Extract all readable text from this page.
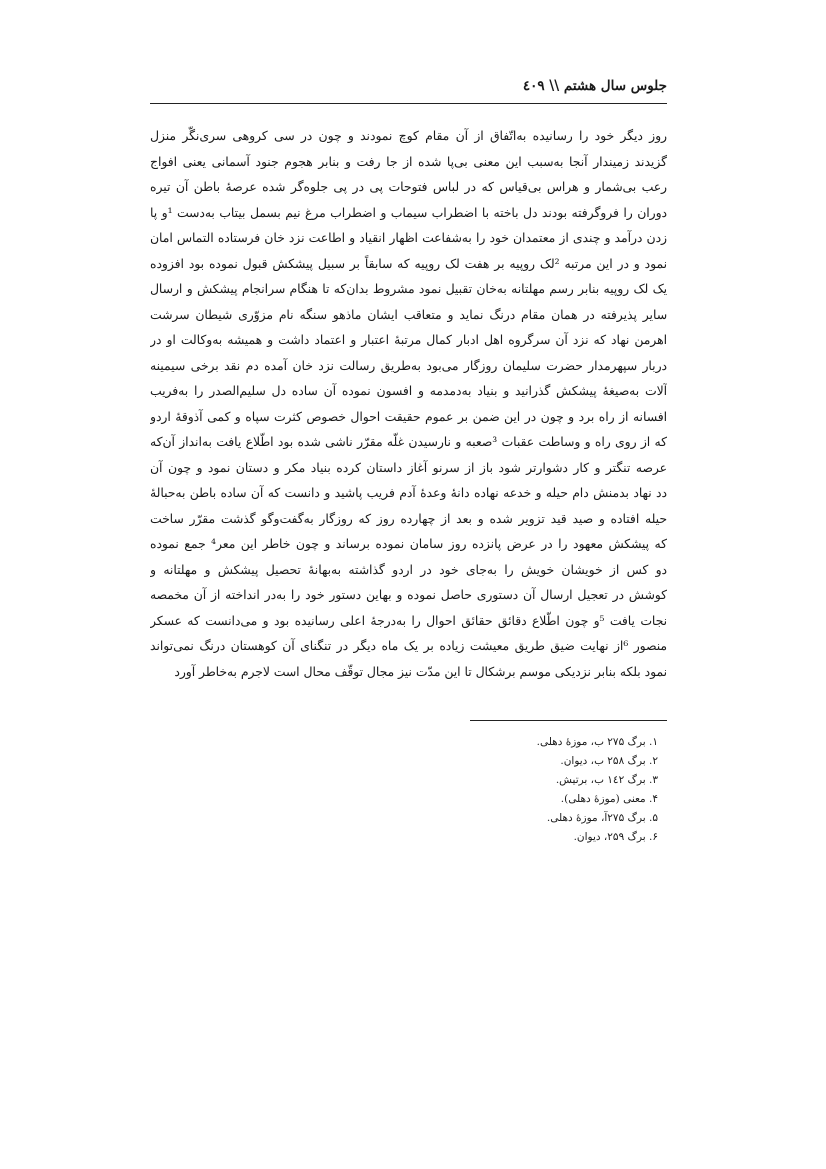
جلوس سال هشتم \\ ٤٠٩
روز دیگر خود را رسانیده به‌اتّفاق از آن مقام کوچ نمودند و چون در سی کروهی سری‌نگّر منزل
گزیدند زمیندار آنجا به‌سبب این معنی بی‌پا شده از جا رفت و بنابر هجوم جنود آسمانی یعنی افواج
رعب بی‌شمار و هراس بی‌قیاس که در لباس فتوحات پی در پی جلوه‌گر شده عرصهٔ باطن آن تیره
دوران را فروگرفته بودند دل باخته با اضطراب سیماب و اضطراب مرغ نیم بسمل بیتاب به‌دست ¹و پا
زدن درآمد و چندی از معتمدان خود را به‌شفاعت اظهار انقیاد و اطاعت نزد خان فرستاده التماس امان
نمود و در این مرتبه ²لک روپیه بر هفت لک روپیه که سابقاً بر سبیل پیشکش قبول نموده بود افزوده
یک لک روپیه بنابر رسم مهلتانه به‌خان تقبیل نمود مشروط بدان‌که تا هنگام سرانجام پیشکش و ارسال
سایر پذیرفته در همان مقام درنگ نماید و متعاقب ایشان ماذهو سنگه نام مزوّری شیطان سرشت
اهرمن نهاد که نزد آن سرگروه اهل ادبار کمال مرتبهٔ اعتبار و اعتماد داشت و همیشه به‌وکالت او در
دربار سپهرمدار حضرت سلیمان روزگار می‌بود به‌طریق رسالت نزد خان آمده دم نقد برخی سیمینه
آلات به‌صیغهٔ پیشکش گذرانید و بنیاد به‌دمدمه و افسون نموده آن ساده دل سلیم‌الصدر را به‌فریب
افسانه از راه برد و چون در این ضمن بر عموم حقیقت احوال خصوص کثرت سپاه و کمی آذوقهٔ اردو
که از روی راه و وساطت عقبات ³صعبه و نارسیدن غلّه مقرّر ناشی شده بود اطّلاع یافت به‌انداز آن‌که
عرصه تنگتر و کار دشوارتر شود باز از سرنو آغاز داستان کرده بنیاد مکر و دستان نمود و چون آن
دد نهاد بدمنش دام حیله و خدعه نهاده دانهٔ وعدهٔ آدم فریب پاشید و دانست که آن ساده باطن به‌حبالهٔ
حیله افتاده و صید قید تزویر شده و بعد از چهارده روز که روزگار به‌گفت‌وگو گذشت مقرّر ساخت
که پیشکش معهود را در عرض پانزده روز سامان نموده برساند و چون خاطر این معر⁴ جمع نموده
دو کس از خویشان خویش را به‌جای خود در اردو گذاشته به‌بهانهٔ تحصیل پیشکش و مهلتانه و
کوشش در تعجیل ارسال آن دستوری حاصل نموده و بهاین دستور خود را به‌در انداخته از آن مخمصه
نجات یافت ⁵و چون اطّلاع دقائق حقائق احوال را به‌درجهٔ اعلی رسانیده بود و می‌دانست که عسکر
منصور ⁶از نهایت ضیق طریق معیشت زیاده بر یک ماه دیگر در تنگنای آن کوهستان درنگ نمی‌تواند
نمود بلکه بنابر نزدیکی موسم برشکال تا این مدّت نیز مجال توقّف محال است لاجرم به‌خاطر آورد
۱. برگ ۲۷۵ ب، موزهٔ دهلی.
۲. برگ ۲۵۸ ب، دیوان.
۳. برگ ۱٤۲ ب، برتیش.
۴. معنی (موزهٔ دهلی).
۵. برگ ۲۷۵آ، موزهٔ دهلی.
۶. برگ ۲۵۹، دیوان.
